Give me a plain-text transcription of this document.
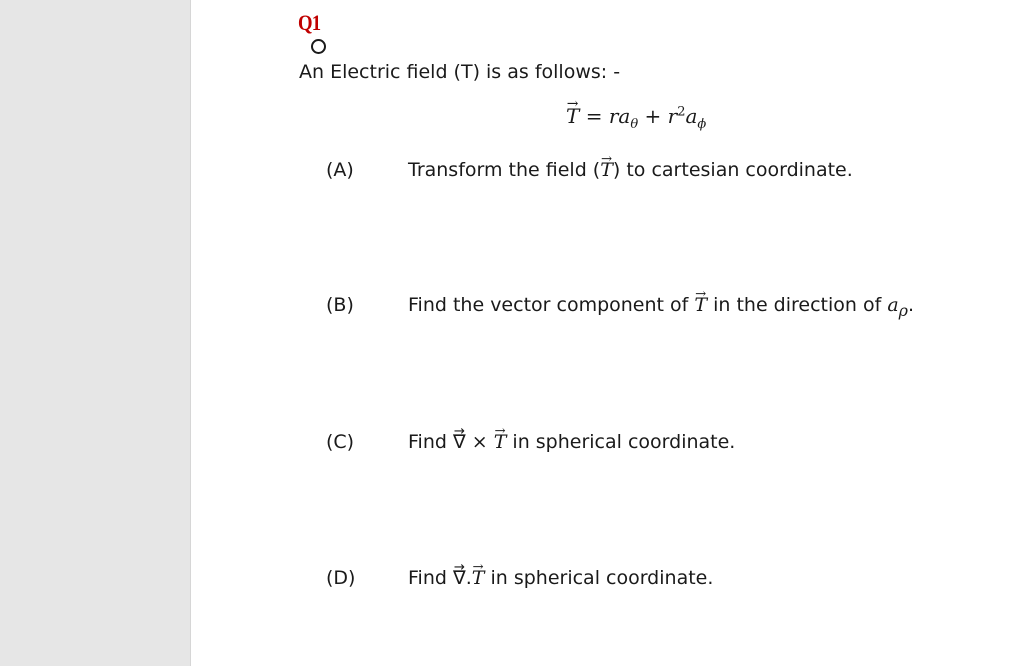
Q1
An Electric field (T) is as follows: -
→ $T = ra_\theta + r^2a_\phi$
(A)	Transform the field (→ T) to cartesian coordinate.
(B)	Find the vector component of → T in the direction of $a_\rho$.
(C)	Find → ∇ × → T in spherical coordinate.
(D)	Find → ∇.→ T in spherical coordinate.
